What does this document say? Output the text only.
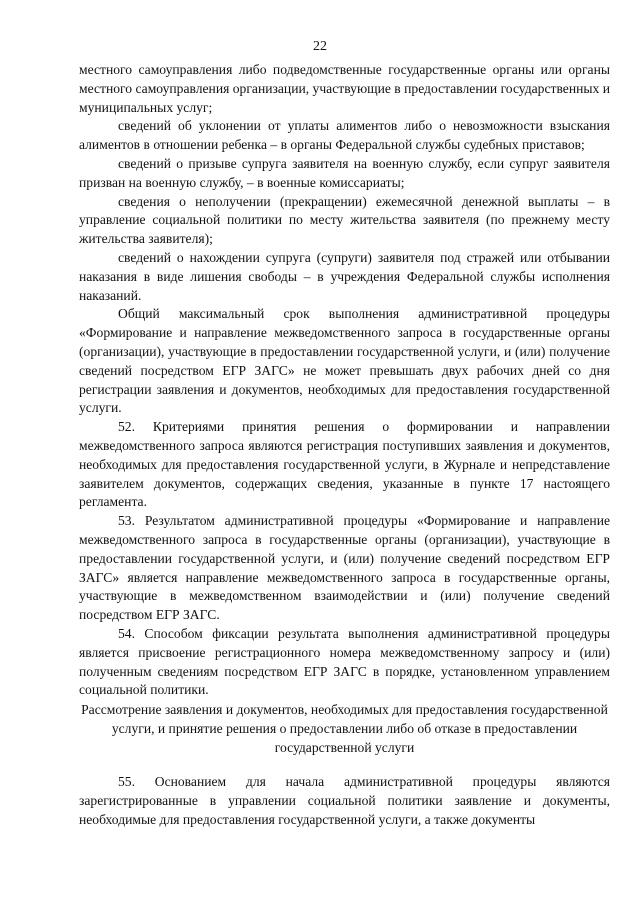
22

местного самоуправления либо подведомственные государственные органы или органы местного самоуправления организации, участвующие в предоставлении государственных и муниципальных услуг;

сведений об уклонении от уплаты алиментов либо о невозможности взыскания алиментов в отношении ребенка – в органы Федеральной службы судебных приставов;

сведений о призыве супруга заявителя на военную службу, если супруг заявителя призван на военную службу, – в военные комиссариаты;

сведения о неполучении (прекращении) ежемесячной денежной выплаты – в управление социальной политики по месту жительства заявителя (по прежнему месту жительства заявителя);

сведений о нахождении супруга (супруги) заявителя под стражей или отбывании наказания в виде лишения свободы – в учреждения Федеральной службы исполнения наказаний.

Общий максимальный срок выполнения административной процедуры «Формирование и направление межведомственного запроса в государственные органы (организации), участвующие в предоставлении государственной услуги, и (или) получение сведений посредством ЕГР ЗАГС» не может превышать двух рабочих дней со дня регистрации заявления и документов, необходимых для предоставления государственной услуги.

52. Критериями принятия решения о формировании и направлении межведомственного запроса являются регистрация поступивших заявления и документов, необходимых для предоставления государственной услуги, в Журнале и непредставление заявителем документов, содержащих сведения, указанные в пункте 17 настоящего регламента.

53. Результатом административной процедуры «Формирование и направление межведомственного запроса в государственные органы (организации), участвующие в предоставлении государственной услуги, и (или) получение сведений посредством ЕГР ЗАГС» является направление межведомственного запроса в государственные органы, участвующие в межведомственном взаимодействии и (или) получение сведений посредством ЕГР ЗАГС.

54. Способом фиксации результата выполнения административной процедуры является присвоение регистрационного номера межведомственному запросу и (или) полученным сведениям посредством ЕГР ЗАГС в порядке, установленном управлением социальной политики.

Рассмотрение заявления и документов, необходимых для предоставления государственной услуги, и принятие решения о предоставлении либо об отказе в предоставлении государственной услуги

55. Основанием для начала административной процедуры являются зарегистрированные в управлении социальной политики заявление и документы, необходимые для предоставления государственной услуги, а также документы
